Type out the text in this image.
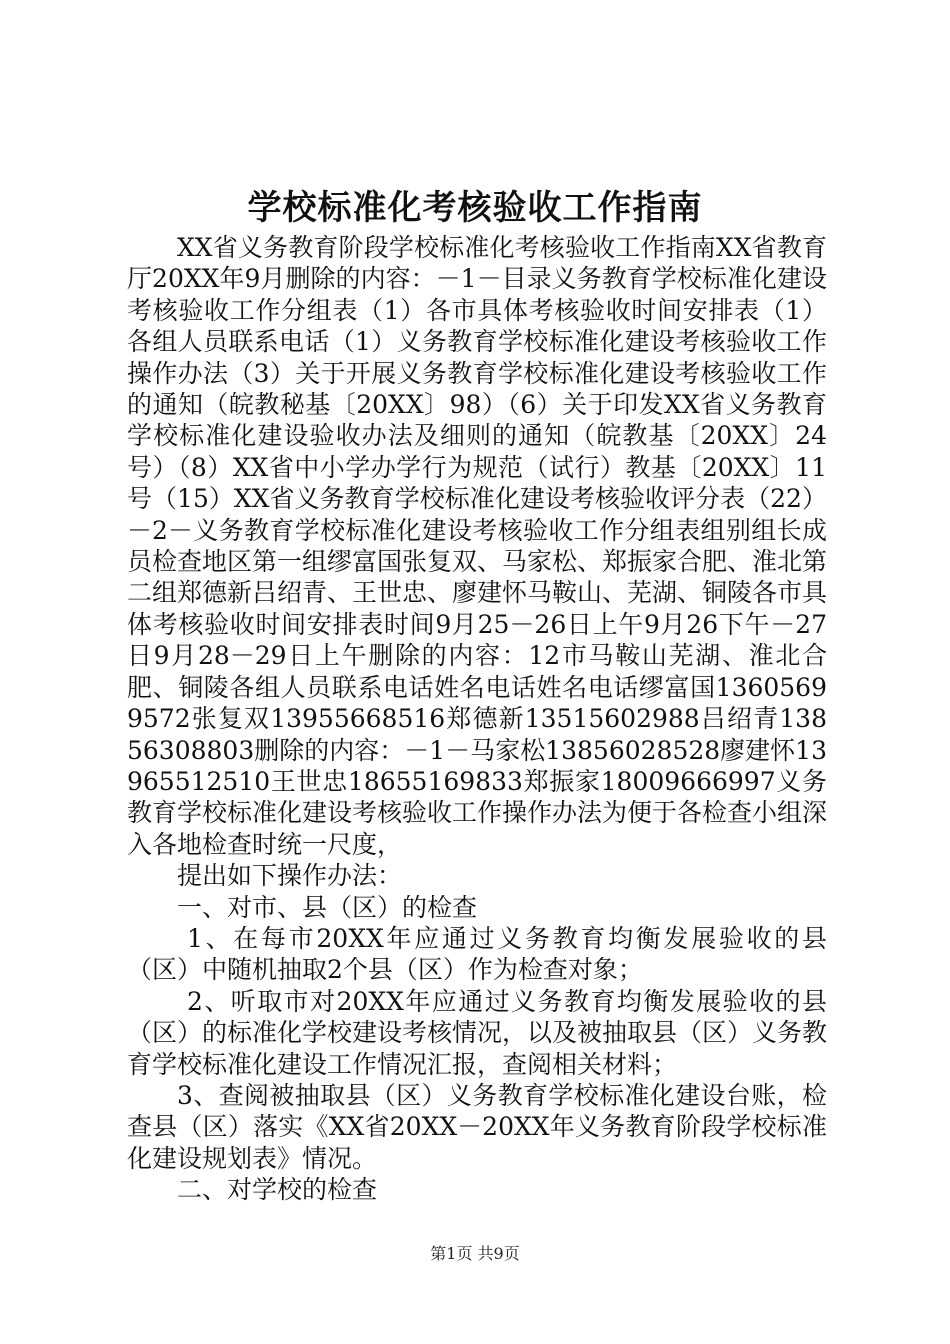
学校标准化考核验收工作指南

XX省义务教育阶段学校标准化考核验收工作指南XX省教育厅20XX年9月删除的内容：－1－目录义务教育学校标准化建设考核验收工作分组表（1）各市具体考核验收时间安排表（1）各组人员联系电话（1）义务教育学校标准化建设考核验收工作操作办法（3）关于开展义务教育学校标准化建设考核验收工作的通知（皖教秘基〔20XX〕98）（6）关于印发XX省义务教育学校标准化建设验收办法及细则的通知（皖教基〔20XX〕24号）（8）XX省中小学办学行为规范（试行）教基〔20XX〕11号（15）XX省义务教育学校标准化建设考核验收评分表（22）－2－义务教育学校标准化建设考核验收工作分组表组别组长成员检查地区第一组缪富国张复双、马家松、郑振家合肥、淮北第二组郑德新吕绍青、王世忠、廖建怀马鞍山、芜湖、铜陵各市具体考核验收时间安排表时间9月25－26日上午9月26下午－27日9月28－29日上午删除的内容：12市马鞍山芜湖、淮北合肥、铜陵各组人员联系电话姓名电话姓名电话缪富国13605699572张复双13955668516郑德新13515602988吕绍青13856308803删除的内容：－1－马家松13856028528廖建怀13965512510王世忠18655169833郑振家18009666997义务教育学校标准化建设考核验收工作操作办法为便于各检查小组深入各地检查时统一尺度，

提出如下操作办法：

一、对市、县（区）的检查

1、在每市20XX年应通过义务教育均衡发展验收的县（区）中随机抽取2个县（区）作为检查对象；

2、听取市对20XX年应通过义务教育均衡发展验收的县（区）的标准化学校建设考核情况，以及被抽取县（区）义务教育学校标准化建设工作情况汇报，查阅相关材料；

3、查阅被抽取县（区）义务教育学校标准化建设台账，检查县（区）落实《XX省20XX－20XX年义务教育阶段学校标准化建设规划表》情况。

二、对学校的检查

第1页 共9页
